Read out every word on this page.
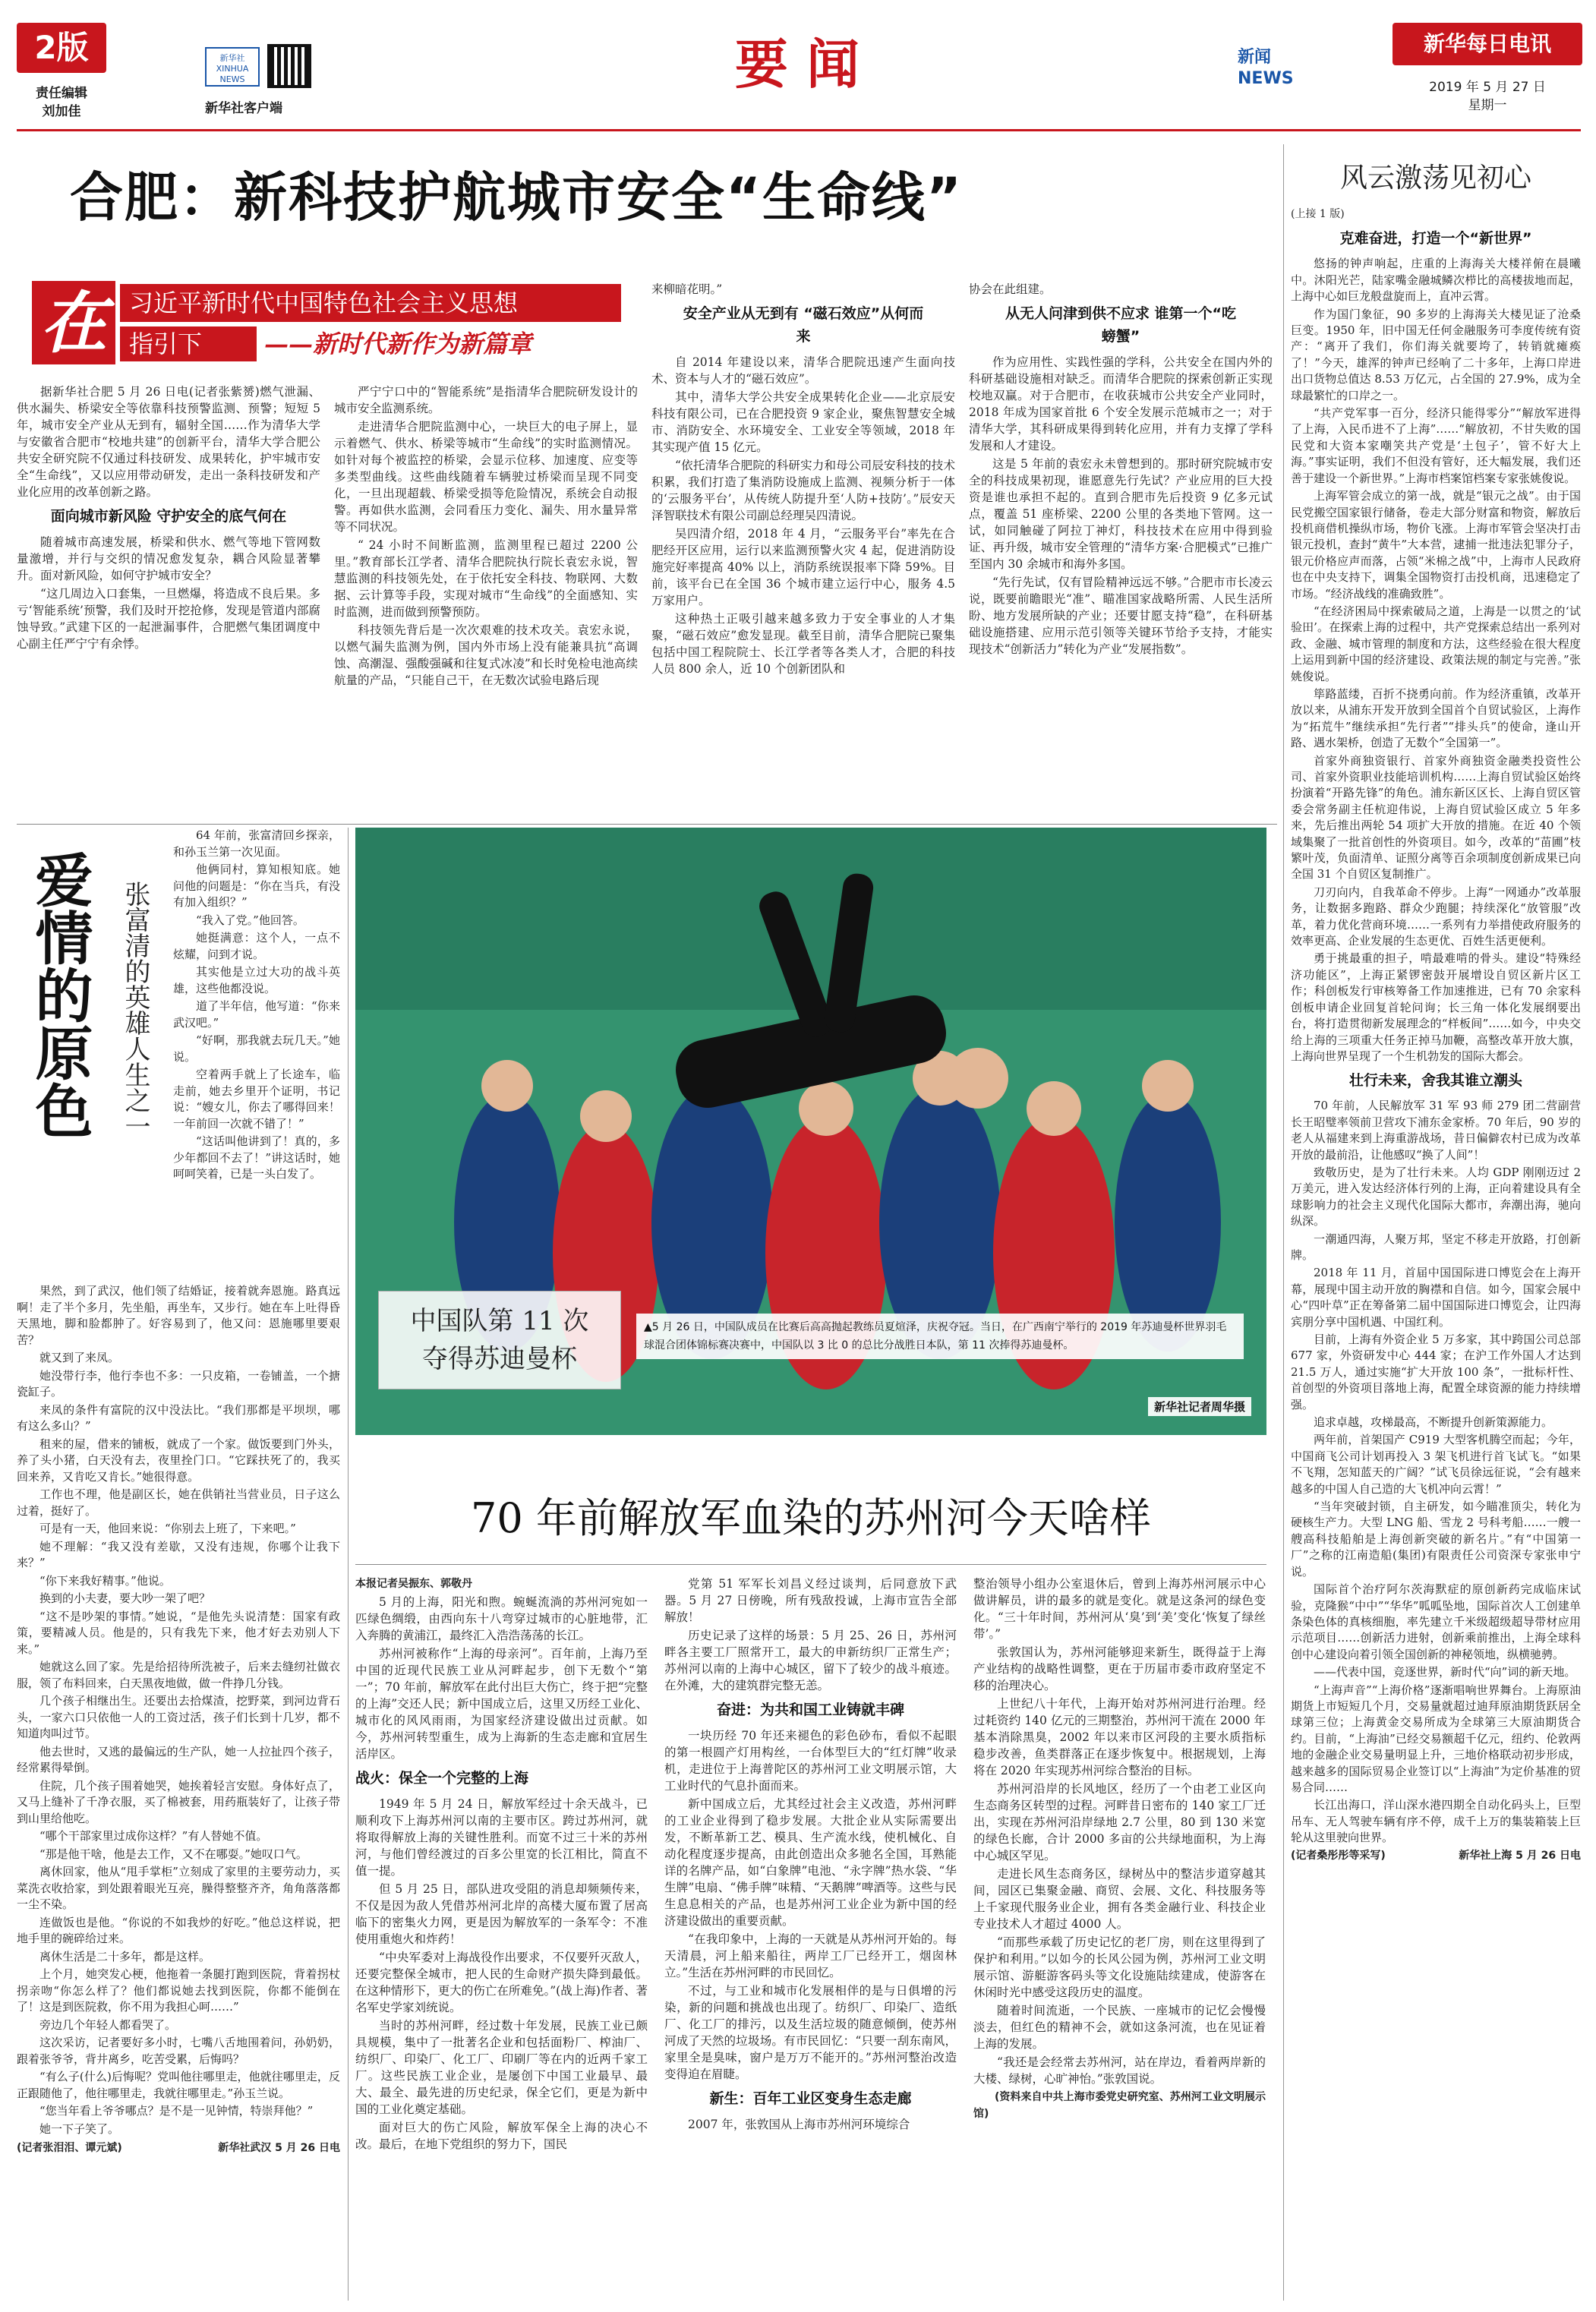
2版
责任编辑
刘加佳
新华社XINHUA NEWS
新华社客户端
要 闻	新闻 NEWS
新华每日电讯
2019 年 5 月 27 日
星期一
合肥：新科技护航城市安全“生命线”
在 习近平新时代中国特色社会主义思想
指引下	——新时代新作为新篇章

据新华社合肥 5 月 26 日电(记者张紫赟)燃气泄漏、供水漏失、桥梁安全等依靠科技预警监测、预警；短短 5 年，城市安全产业从无到有，辐射全国……作为清华大学与安徽省合肥市“校地共建”的创新平台，清华大学合肥公共安全研究院不仅通过科技研发、成果转化，护牢城市安全“生命线”，又以应用带动研发，走出一条科技研发和产业化应用的改革创新之路。

面向城市新风险 守护安全的底气何在

随着城市高速发展，桥梁和供水、燃气等地下管网数量激增，并行与交织的情况愈发复杂，耦合风险显著攀升。面对新风险，如何守护城市安全？

“这几周边入口套集，一旦燃爆，将造成不良后果。多亏‘智能系统’预警，我们及时开挖抢修，发现是管道内部腐蚀导致。”武建下区的一起泄漏事件，合肥燃气集团调度中心副主任严宁宁有余悸。

严宁宁口中的“智能系统”是指清华合肥院研发设计的城市安全监测系统。

走进清华合肥院监测中心，一块巨大的电子屏上，显示着燃气、供水、桥梁等城市“生命线”的实时监测情况。如针对每个被监控的桥梁，会显示位移、加速度、应变等多类型曲线。这些曲线随着车辆驶过桥梁而呈现不同变化，一旦出现超载、桥梁受损等危险情况，系统会自动报警。再如供水监测，会同看压力变化、漏失、用水量异常等不同状况。

“ 24 小时不间断监测，监测里程已超过 2200 公里。”教育部长江学者、清华合肥院执行院长袁宏永说，智慧监测的科技领先处，在于依托安全科技、物联网、大数据、云计算等手段，实现对城市“生命线”的全面感知、实时监测，进而做到预警预防。

科技领先背后是一次次艰难的技术攻关。袁宏永说，以燃气漏失监测为例，国内外市场上没有能兼具抗“高调蚀、高潮湿、强酸强碱和往复式冰凌”和长时免检电池高续航量的产品，“只能自己干，在无数次试验电路后现

来柳暗花明。”

安全产业从无到有 “磁石效应”从何而来

自 2014 年建设以来，清华合肥院迅速产生面向技术、资本与人才的“磁石效应”。

其中，清华大学公共安全成果转化企业——北京辰安科技有限公司，已在合肥投资 9 家企业，聚焦智慧安全城市、消防安全、水环境安全、工业安全等领域，2018 年其实现产值 15 亿元。

“依托清华合肥院的科研实力和母公司辰安科技的技术积累，我们打造了集消防设施成上监测、视频分析于一体的‘云服务平台’，从传统人防提升至‘人防+技防’。”辰安天泽智联技术有限公司副总经理吴四清说。

吴四清介绍，2018 年 4 月，“云服务平台”率先在合肥经开区应用，运行以来监测预警火灾 4 起，促进消防设施完好率提高 40% 以上，消防系统误报率下降 59%。目前，该平台已在全国 36 个城市建立运行中心，服务 4.5 万家用户。

这种热土正吸引越来越多致力于安全事业的人才集聚，“磁石效应”愈发显现。截至目前，清华合肥院已聚集包括中国工程院院士、长江学者等各类人才，合肥的科技人员 800 余人，近 10 个创新团队和

协会在此组建。

从无人问津到供不应求 谁第一个“吃螃蟹”

作为应用性、实践性强的学科，公共安全在国内外的科研基础设施相对缺乏。而清华合肥院的探索创新正实现校地双赢。对于合肥市，在收获城市公共安全产业同时，2018 年成为国家首批 6 个安全发展示范城市之一；对于清华大学，其科研成果得到转化应用，并有力支撑了学科发展和人才建设。

这是 5 年前的袁宏永未曾想到的。那时研究院城市安全的科技成果初现，谁愿意先行先试？产业应用的巨大投资是谁也承担不起的。直到合肥市先后投资 9 亿多元试点，覆盖 51 座桥梁、2200 公里的各类地下管网。这一试，如同触碰了阿拉丁神灯，科技技术在应用中得到验证、再升级，城市安全管理的“清华方案·合肥模式”已推广至国内 30 余城市和海外多国。

“先行先试，仅有冒险精神远远不够。”合肥市市长凌云说，既要前瞻眼光“准”、瞄准国家战略所需、人民生活所盼、地方发展所缺的产业；还要甘愿支持“稳”，在科研基础设施搭建、应用示范引领等关键环节给予支持，才能实现技术“创新活力”转化为产业“发展指数”。

爱情的原色 张富清的英雄人生之一

64 年前，张富清回乡探亲，和孙玉兰第一次见面。

他俩同村，算知根知底。她问他的问题是：“你在当兵，有没有加入组织？”

“我入了党。”他回答。

她挺满意：这个人，一点不炫耀，问到才说。

其实他是立过大功的战斗英雄，这些他都没说。

道了半年信，他写道：“你来武汉吧。”

“好啊，那我就去玩几天。”她说。

空着两手就上了长途车，临走前，她去乡里开个证明，书记说：“嫂女儿，你去了哪得回来！一年前回一次就不错了！”

“这话叫他讲到了！真的，多少年都回不去了！”讲这话时，她呵呵笑着，已是一头白发了。

果然，到了武汉，他们领了结婚证，接着就奔恩施。路真远啊！走了半个多月，先坐船，再坐车，又步行。她在车上吐得昏天黑地，脚和脸都肿了。好容易到了，他又问：恩施哪里要艰苦？

就又到了来凤。

她没带行李，他行李也不多：一只皮箱，一卷铺盖，一个搪瓷缸子。

来凤的条件有富院的汉中没法比。“我们那都是平坝坝，哪有这么多山？”

租来的屋，借来的铺板，就成了一个家。做饭要到门外头，养了头小猪，白天没有去，夜里拴门口。“它踩扶死了的，我买回来养，又肯吃又肯长。”她很得意。

工作也不理，他是副区长，她在供销社当营业员，日子这么过着，挺好了。

可是有一天，他回来说：“你别去上班了，下来吧。”

她不理解：“我又没有差歇，又没有违规，你哪个让我下来？”

“你下来我好精事。”他说。

换到的小夫妻，要大吵一架了吧？

“这不是吵架的事情。”她说，“是他先头说清楚：国家有政策，要精减人员。他是的，只有我先下来，他才好去劝别人下来。”

她就这么回了家。先是给招待所洗被子，后来去缝纫社做衣服，领了布料回来，白天黑夜地做，做一件挣几分钱。

几个孩子相继出生。还要出去拾煤渣，挖野菜，到河边背石头，一家六口只依他一人的工资过活，孩子们长到十几岁，都不知道肉叫过节。

他去世时，又逃的最偏远的生产队，她一人拉扯四个孩子，经常累得晕倒。

住院，几个孩子围着她哭，她挨着轻言安慰。身体好点了，又马上缝补了千净衣服，买了棉被套，用药瓶装好了，让孩子带到山里给他吃。

“哪个干部家里过成你这样？”有人替她不值。

“那是他干啥，他是去工作，又不在哪耍。”她叹口气。

离休回家，他从“甩手掌柜”立刻成了家里的主要劳动力，买菜洗衣收拾家，到处跟着眼光互亮，臊得整整齐齐，角角落落都一尘不染。

连做饭也是他。“你说的不如我炒的好吃。”他总这样说，把地手里的碗碎给过来。

离休生活是二十多年，都是这样。

上个月，她突发心梗，他拖着一条腿打跑到医院，背着拐杖拐亲吻“你怎么样了？他们都说她去找到医院，你都不能倒在了！这是到医院救，你不用为我担心呵……”

旁边几个年轻人都看哭了。

这次采访，记者要好多小时，七嘴八舌地围着问，孙奶奶，跟着张爷爷，背井离乡，吃苦受累，后悔吗？

“有么子(什么)后悔呢？党叫他往哪里走，他就往哪里走，反正跟随他了，他往哪里走，我就往哪里走。”孙玉兰说。

“您当年看上爷爷哪点？是不是一见钟情，特崇拜他？”

她一下子笑了。

(记者张泪泪、谭元斌)	新华社武汉 5 月 26 日电
中国队第 11 次
夺得苏迪曼杯
▲5 月 26 日，中国队成员在比赛后高高抛起教练员夏煊泽，庆祝夺冠。当日，在广西南宁举行的 2019 年苏迪曼杯世界羽毛球混合团体锦标赛决赛中，中国队以 3 比 0 的总比分战胜日本队，第 11 次捧得苏迪曼杯。
新华社记者周华摄
70 年前解放军血染的苏州河今天啥样

本报记者吴振东、郭敬丹

5 月的上海，阳光和煦。蜿蜒流淌的苏州河宛如一匹绿色绸缎，由西向东十八弯穿过城市的心脏地带，汇入奔腾的黄浦江，最终汇入浩浩荡荡的长江。

苏州河被称作“上海的母亲河”。百年前，上海乃至中国的近现代民族工业从河畔起步，创下无数个“第一”；70 年前，解放军在此付出巨大伤亡，终于把“完整的上海”交还人民；新中国成立后，这里又历经工业化、城市化的风风雨雨，为国家经济建设做出过贡献。如今，苏州河转型重生，成为上海新的生态走廊和宜居生活岸区。

战火：保全一个完整的上海

1949 年 5 月 24 日，解放军经过十余天战斗，已顺利攻下上海苏州河以南的主要市区。跨过苏州河，就将取得解放上海的关键性胜利。而宽不过三十米的苏州河，与他们曾经渡过的百多公里宽的长江相比，简直不值一提。

但 5 月 25 日，部队进攻受阻的消息却频频传来，不仅是因为敌人凭借苏州河北岸的高楼大厦布置了居高临下的密集火力网，更是因为解放军的一条军令：不准使用重炮火和炸药！

“中央军委对上海战役作出要求，不仅要歼灭敌人，还要完整保全城市，把人民的生命财产损失降到最低。在这种情形下，更大的伤亡在所难免。”(战上海)作者、著名军史学家刘统说。

当时的苏州河畔，经过数十年发展，民族工业已颇具规模，集中了一批著名企业和包括面粉厂、榨油厂、纺织厂、印染厂、化工厂、印刷厂等在内的近两千家工厂。这些民族工业企业，是屡创下中国工业最早、最大、最全、最先进的历史纪录，保全它们，更是为新中国的工业化奠定基础。

面对巨大的伤亡风险，解放军保全上海的决心不改。最后，在地下党组织的努力下，国民

党第 51 军军长刘昌义经过谈判，后同意放下武器。5 月 27 日傍晚，所有残敌投诚，上海市宣告全部解放！

历史记录了这样的场景：5 月 25、26 日，苏州河畔各主要工厂照常开工，最大的申新纺织厂正常生产；苏州河以南的上海中心城区，留下了较少的战斗痕迹。在外滩，大的建筑群完整无恙。

奋进：为共和国工业铸就丰碑

一块历经 70 年还来褪色的彩色砂布，看似不起眼的第一根圆产灯用构丝，一台体型巨大的“红灯牌”收录机，走进位于上海普陀区的苏州河工业文明展示馆，大工业时代的气息扑面而来。

新中国成立后，尤其经过社会主义改造，苏州河畔的工业企业得到了稳步发展。大批企业从实际需要出发，不断革新工艺、模具、生产流水线，使机械化、自动化程度逐步提高，由此创造出众多驰名全国，耳熟能详的名牌产品，如“白象牌”电池、“永字牌”热水袋、“华生牌”电扇、“佛手牌”味精、“天鹅牌”啤酒等。这些与民生息息相关的产品，也是苏州河工业企业为新中国的经济建设做出的重要贡献。

“在我印象中，上海的一天就是从苏州河开始的。每天清晨，河上船来船往，两岸工厂已经开工，烟囱林立。”生活在苏州河畔的市民回忆。

不过，与工业和城市化发展相伴的是与日俱增的污染，新的问题和挑战也出现了。纺织厂、印染厂、造纸厂、化工厂的排污，以及生活垃圾的随意倾倒，使苏州河成了天然的垃圾场。有市民回忆：“只要一刮东南风，家里全是臭味，窗户是万万不能开的。”苏州河整治改造变得迫在眉睫。

新生：百年工业区变身生态走廊

2007 年，张敦国从上海市苏州河环境综合

整治领导小组办公室退休后，曾到上海苏州河展示中心做讲解员，讲的最多的就是变化。就是这条河的绿色变化。“三十年时间，苏州河从‘臭’到‘美’变化‘恢复了绿丝带’。”

张敦国认为，苏州河能够迎来新生，既得益于上海产业结构的战略性调整，更在于历届市委市政府坚定不移的治理决心。

上世纪八十年代，上海开始对苏州河进行治理。经过耗资约 140 亿元的三期整治，苏州河干流在 2000 年基本消除黑臭，2002 年以来市区河段的主要水质指标稳步改善，鱼类群落正在逐步恢复中。根据规划，上海将在 2020 年实现苏州河综合整治的目标。

苏州河沿岸的长风地区，经历了一个由老工业区向生态商务区转型的过程。河畔昔日密布的 140 家工厂迁出，实现在苏州河沿岸绿地 2.7 公里，80 到 130 米宽的绿色长廊，合计 2000 多亩的公共绿地面积，为上海中心城区罕见。

走进长风生态商务区，绿树丛中的整洁步道穿越其间，园区已集聚金融、商贸、会展、文化、科技服务等上千家现代服务业企业，拥有各类金融行业、科技企业专业技术人才超过 4000 人。

“而那些承载了历史记忆的老厂房，则在这里得到了保护和利用。”以如今的长风公园为例，苏州河工业文明展示馆、游艇游客码头等文化设施陆续建成，使游客在休闲时光中感受这段历史的温度。

随着时间流逝，一个民族、一座城市的记忆会慢慢淡去，但红色的精神不会，就如这条河流，也在见证着上海的发展。

“我还是会经常去苏州河，站在岸边，看着两岸新的大楼、绿树，心旷神怡。”张敦国说。

(资料来自中共上海市委党史研究室、苏州河工业文明展示馆)

风云激荡见初心

(上接 1 版)

克难奋进，打造一个“新世界”

悠扬的钟声响起，庄重的上海海关大楼祥俯在晨曦中。沐阳光芒，陆家嘴金融城鳞次栉比的高楼拔地而起，上海中心如巨龙般盘旋而上，直冲云霄。

作为国门象征，90 多岁的上海海关大楼见证了沧桑巨变。1950 年，旧中国无任何金融服务可李度传统有资产：“离开了我们，你们海关就要垮了，转销就瘫痪了！”今天，雄浑的钟声已经响了二十多年，上海口岸进出口货物总值达 8.53 万亿元，占全国的 27.9%，成为全球最繁忙的口岸之一。

“共产党军事一百分，经济只能得零分”“解放军进得了上海，入民币进不了上海”……“解放初，不甘失败的国民党和大资本家嘲笑共产党是‘土包子’，管不好大上海。”事实证明，我们不但没有管好，还大幅发展，我们还善于建设一个新世界。”上海市档案馆档案专家张姚俊说。

上海军管会成立的第一战，就是“银元之战”。由于国民党搬空国家银行储备，卷走大部分财富和物资，解放后投机商借机操纵市场，物价飞涨。上海市军管会坚决打击银元投机，查封“黄牛”大本营，逮捕一批违法犯罪分子，银元价格应声而落，占领“米棉之战”中，上海市人民政府也在中央支持下，调集全国物资打击投机商，迅速稳定了市场。“经济战线的准确致胜”。

“在经济困局中探索破局之道，上海是一以贯之的‘试验田’。在探索上海的过程中，共产党探索总结出一系列对政、金融、城市管理的制度和方法，这些经验在很大程度上运用到新中国的经济建设、政策法规的制定与完善。”张姚俊说。

筚路蓝缕，百折不挠勇向前。作为经济重镇，改革开放以来，从浦东开发开放到全国首个自贸试验区，上海作为“拓荒牛”继续承担“先行者”“排头兵”的使命，逢山开路、遇水架桥，创造了无数个“全国第一”。

首家外商独资银行、首家外商独资金融类投资性公司、首家外资职业技能培训机构……上海自贸试验区始终扮演着“开路先锋”的角色。浦东新区区长、上海自贸区管委会常务副主任杭迎伟说，上海自贸试验区成立 5 年多来，先后推出两轮 54 项扩大开放的措施。在近 40 个领域集聚了一批首创性的外资项目。如今，改革的“苗圃”枝繁叶茂，负面清单、证照分离等百余项制度创新成果已向全国 31 个自贸区复制推广。

刀刃向内，自我革命不停步。上海“一网通办”改革服务，让数据多跑路、群众少跑腿；持续深化“放管服”改革，着力优化营商环境……一系列有力举措使政府服务的效率更高、企业发展的生态更优、百姓生活更便利。

勇于挑最重的担子，啃最难啃的骨头。建设“特殊经济功能区”，上海正紧锣密鼓开展增设自贸区新片区工作；科创板发行审核筹备工作加速推进，已有 70 余家科创板申请企业回复首轮问询；长三角一体化发展纲要出台，将打造贯彻新发展理念的“样板间”……如今，中央交给上海的三项重大任务正掉马加鞭，高整改革开放大旗，上海向世界呈现了一个生机勃发的国际大都会。

壮行未来，舍我其谁立潮头

70 年前，人民解放军 31 军 93 师 279 团二营副营长王昭璧率领前卫营攻下浦东金家桥。70 年后，90 岁的老人从福建来到上海重游战场，昔日偏僻农村已成为改革开放的最前沿，让他感叹“换了人间”！

致敬历史，是为了壮行未来。人均 GDP 刚刚迈过 2 万美元，进入发达经济体行列的上海，正向着建设具有全球影响力的社会主义现代化国际大都市，奔潮出海，驰向纵深。

一潮通四海，人聚万邦，坚定不移走开放路，打创新牌。

2018 年 11 月，首届中国国际进口博览会在上海开幕，展现中国主动开放的胸襟和自信。如今，国家会展中心“四叶草”正在筹备第二届中国国际进口博览会，让四海宾朋分享中国机遇、中国红利。

目前，上海有外资企业 5 万多家，其中跨国公司总部 677 家，外资研发中心 444 家；在沪工作外国人才达到 21.5 万人，通过实施“扩大开放 100 条”，一批标杆性、首创型的外资项目落地上海，配置全球资源的能力持续增强。

追求卓越，攻梯最高，不断提升创新策源能力。

两年前，首架国产 C919 大型客机腾空而起；今年，中国商飞公司计划再投入 3 架飞机进行首飞试飞。“如果不飞翔，怎知蓝天的广阔？”试飞员徐远征说，“会有越来越多的中国人自己造的大飞机冲向云霄！”

“当年突破封锁，自主研发，如今瞄准顶尖，转化为硬核生产力。大型 LNG 船、雪龙 2 号科考船……一艘一艘高科技船舶是上海创新突破的新名片。”有“中国第一厂”之称的江南造船(集团)有限责任公司资深专家张申宁说。

国际首个治疗阿尔茨海默症的原创新药完成临床试验，克隆猴“中中”“华华”呱呱坠地，国际首次人工创建单条染色体的真核细胞，率先建立千米级超级超导带材应用示范项目……创新活力进射，创新乘前推出，上海全球科创中心建设向着引领全国创新的神秘领地，纵横驰骋。

——代表中国，竞逐世界，新时代“向”词的新天地。

“上海声音”“上海价格”逐渐唱响世界舞台。上海原油期货上市短短几个月，交易量就超过迪拜原油期货跃居全球第三位；上海黄金交易所成为全球第三大原油期货合约。目前，“上海油”已经交易额超千亿元，纽约、伦敦两地的金融企业交易量明显上升，三地价格联动初步形成，越来越多的国际贸易企业签订以“上海油”为定价基准的贸易合同……

长江出海口，洋山深水港四期全自动化码头上，巨型吊车、无人驾驶车辆有序不停，成千上万的集装箱装上巨轮从这里驶向世界。

(记者桑彤彤等采写)	新华社上海 5 月 26 日电
